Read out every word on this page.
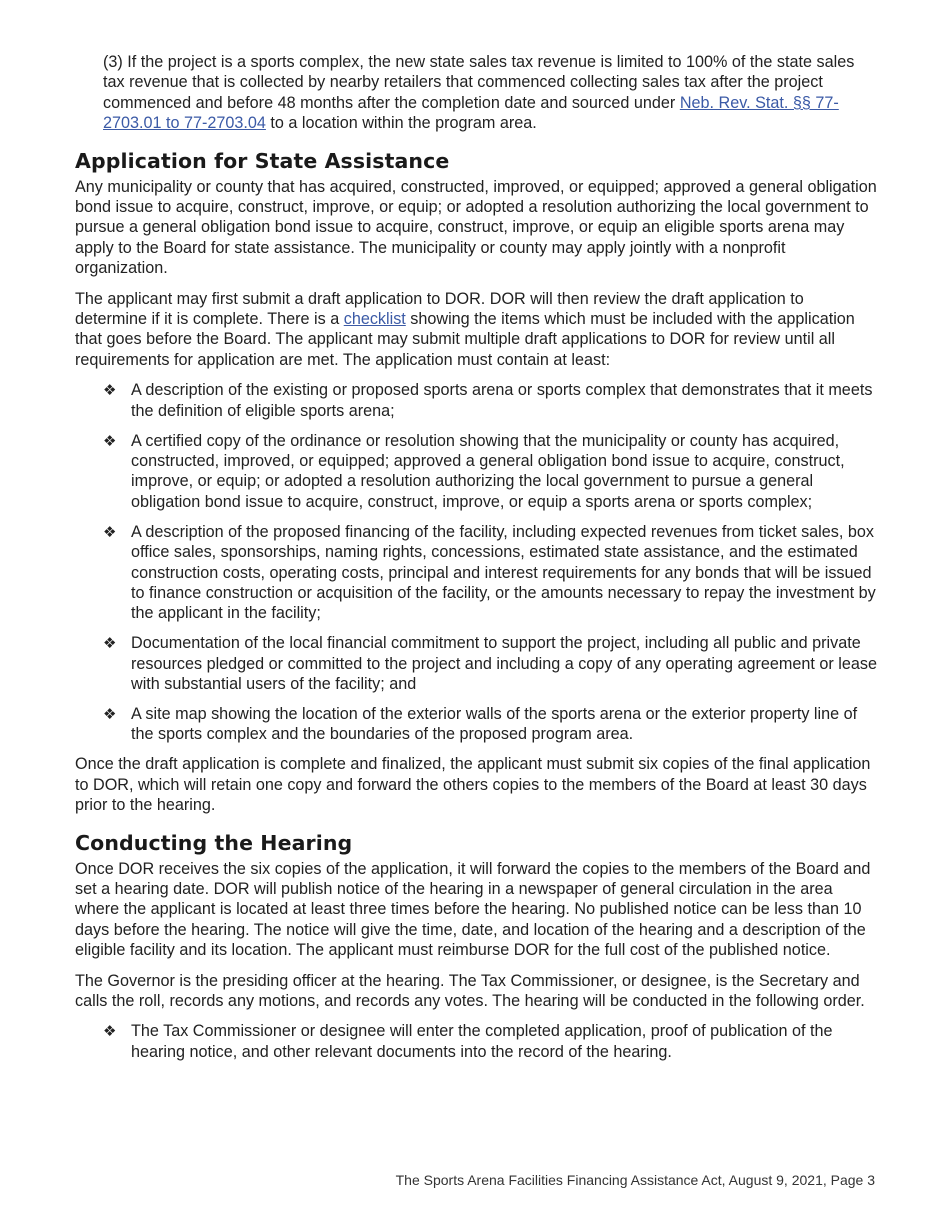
(3) If the project is a sports complex, the new state sales tax revenue is limited to 100% of the state sales tax revenue that is collected by nearby retailers that commenced collecting sales tax after the project commenced and before 48 months after the completion date and sourced under Neb. Rev. Stat. §§ 77-2703.01 to 77-2703.04 to a location within the program area.

Application for State Assistance

Any municipality or county that has acquired, constructed, improved, or equipped; approved a general obligation bond issue to acquire, construct, improve, or equip; or adopted a resolution authorizing the local government to pursue a general obligation bond issue to acquire, construct, improve, or equip an eligible sports arena may apply to the Board for state assistance. The municipality or county may apply jointly with a nonprofit organization.

The applicant may first submit a draft application to DOR. DOR will then review the draft application to determine if it is complete. There is a checklist showing the items which must be included with the application that goes before the Board. The applicant may submit multiple draft applications to DOR for review until all requirements for application are met. The application must contain at least:

❖ A description of the existing or proposed sports arena or sports complex that demonstrates that it meets the definition of eligible sports arena;
❖ A certified copy of the ordinance or resolution showing that the municipality or county has acquired, constructed, improved, or equipped; approved a general obligation bond issue to acquire, construct, improve, or equip; or adopted a resolution authorizing the local government to pursue a general obligation bond issue to acquire, construct, improve, or equip a sports arena or sports complex;
❖ A description of the proposed financing of the facility, including expected revenues from ticket sales, box office sales, sponsorships, naming rights, concessions, estimated state assistance, and the estimated construction costs, operating costs, principal and interest requirements for any bonds that will be issued to finance construction or acquisition of the facility, or the amounts necessary to repay the investment by the applicant in the facility;
❖ Documentation of the local financial commitment to support the project, including all public and private resources pledged or committed to the project and including a copy of any operating agreement or lease with substantial users of the facility; and
❖ A site map showing the location of the exterior walls of the sports arena or the exterior property line of the sports complex and the boundaries of the proposed program area.

Once the draft application is complete and finalized, the applicant must submit six copies of the final application to DOR, which will retain one copy and forward the others copies to the members of the Board at least 30 days prior to the hearing.

Conducting the Hearing

Once DOR receives the six copies of the application, it will forward the copies to the members of the Board and set a hearing date. DOR will publish notice of the hearing in a newspaper of general circulation in the area where the applicant is located at least three times before the hearing. No published notice can be less than 10 days before the hearing. The notice will give the time, date, and location of the hearing and a description of the eligible facility and its location. The applicant must reimburse DOR for the full cost of the published notice.

The Governor is the presiding officer at the hearing. The Tax Commissioner, or designee, is the Secretary and calls the roll, records any motions, and records any votes. The hearing will be conducted in the following order.

❖ The Tax Commissioner or designee will enter the completed application, proof of publication of the hearing notice, and other relevant documents into the record of the hearing.
The Sports Arena Facilities Financing Assistance Act, August 9, 2021, Page 3
